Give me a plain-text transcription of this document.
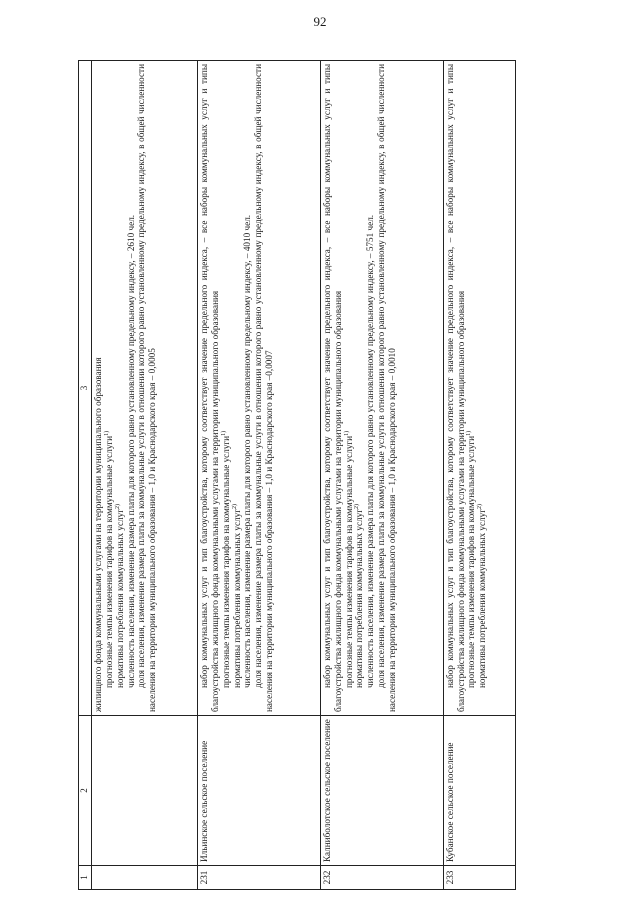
92
1	2	3

		жилищного фонда коммунальными услугами на территории муниципального образования прогнозные темпы изменения тарифов на коммунальные услуги$^{1)}$

нормативы потребления коммунальных услуг$^{2)}$ численность населения, изменение размера платы для которого равно установленному предельному индексу, – 2610 чел. доля населения, изменение размера платы за коммунальные услуги в отношении которого равно установленному предельному индексу, в общей численности населения на территории муниципального образования – 1,0 и Краснодарского края – 0,0005

231	Ильинское сельское поселение	набор коммунальных услуг и тип благоустройства, которому соответствует значение предельного индекса, – все наборы коммунальных услуг и типы благоустройства жилищного фонда коммунальными услугами на территории муниципального образования прогнозные темпы изменения тарифов на коммунальные услуги$^{1)}$

нормативы потребления коммунальных услуг$^{2)}$ численность населения, изменение размера платы для которого равно установленному предельному индексу, – 4010 чел. доля населения, изменение размера платы за коммунальные услуги в отношении которого равно установленному предельному индексу, в общей численности населения на территории муниципального образования – 1,0 и Краснодарского края –0,0007

232	Калниболотское сельское поселение	набор коммунальных услуг и тип благоустройства, которому соответствует значение предельного индекса, – все наборы коммунальных услуг и типы благоустройства жилищного фонда коммунальными услугами на территории муниципального образования прогнозные темпы изменения тарифов на коммунальные услуги$^{1)}$

нормативы потребления коммунальных услуг$^{2)}$ численность населения, изменение размера платы для которого равно установленному предельному индексу, – 5751 чел. доля населения, изменение размера платы за коммунальные услуги в отношении которого равно установленному предельному индексу, в общей численности населения на территории муниципального образования – 1,0 и Краснодарского края – 0,0010

233	Кубанское сельское поселение	набор коммунальных услуг и тип благоустройства, которому соответствует значение предельного индекса, – все наборы коммунальных услуг и типы благоустройства жилищного фонда коммунальными услугами на территории муниципального образования прогнозные темпы изменения тарифов на коммунальные услуги$^{1)}$

нормативы потребления коммунальных услуг$^{2)}$
